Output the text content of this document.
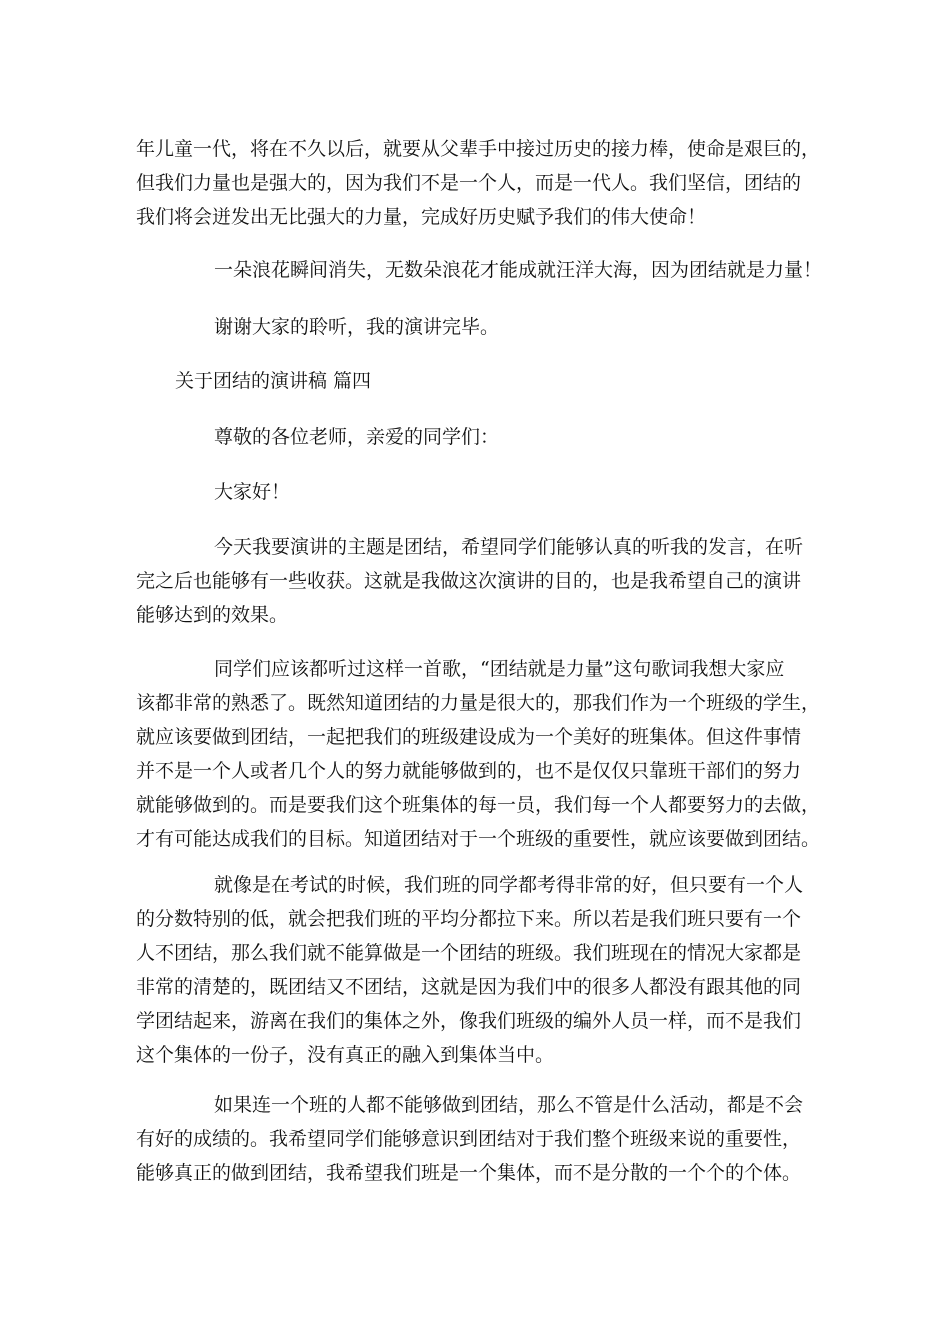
年儿童一代，将在不久以后，就要从父辈手中接过历史的接力棒，使命是艰巨的，
但我们力量也是强大的，因为我们不是一个人，而是一代人。我们坚信，团结的
我们将会迸发出无比强大的力量，完成好历史赋予我们的伟大使命！
一朵浪花瞬间消失，无数朵浪花才能成就汪洋大海，因为团结就是力量！
谢谢大家的聆听，我的演讲完毕。
关于团结的演讲稿 篇四
尊敬的各位老师，亲爱的同学们：
大家好！
今天我要演讲的主题是团结，希望同学们能够认真的听我的发言，在听
完之后也能够有一些收获。这就是我做这次演讲的目的，也是我希望自己的演讲
能够达到的效果。
同学们应该都听过这样一首歌，“团结就是力量”这句歌词我想大家应
该都非常的熟悉了。既然知道团结的力量是很大的，那我们作为一个班级的学生，
就应该要做到团结，一起把我们的班级建设成为一个美好的班集体。但这件事情
并不是一个人或者几个人的努力就能够做到的，也不是仅仅只靠班干部们的努力
就能够做到的。而是要我们这个班集体的每一员，我们每一个人都要努力的去做，
才有可能达成我们的目标。知道团结对于一个班级的重要性，就应该要做到团结。
就像是在考试的时候，我们班的同学都考得非常的好，但只要有一个人
的分数特别的低，就会把我们班的平均分都拉下来。所以若是我们班只要有一个
人不团结，那么我们就不能算做是一个团结的班级。我们班现在的情况大家都是
非常的清楚的，既团结又不团结，这就是因为我们中的很多人都没有跟其他的同
学团结起来，游离在我们的集体之外，像我们班级的编外人员一样，而不是我们
这个集体的一份子，没有真正的融入到集体当中。
如果连一个班的人都不能够做到团结，那么不管是什么活动，都是不会
有好的成绩的。我希望同学们能够意识到团结对于我们整个班级来说的重要性，
能够真正的做到团结，我希望我们班是一个集体，而不是分散的一个个的个体。
